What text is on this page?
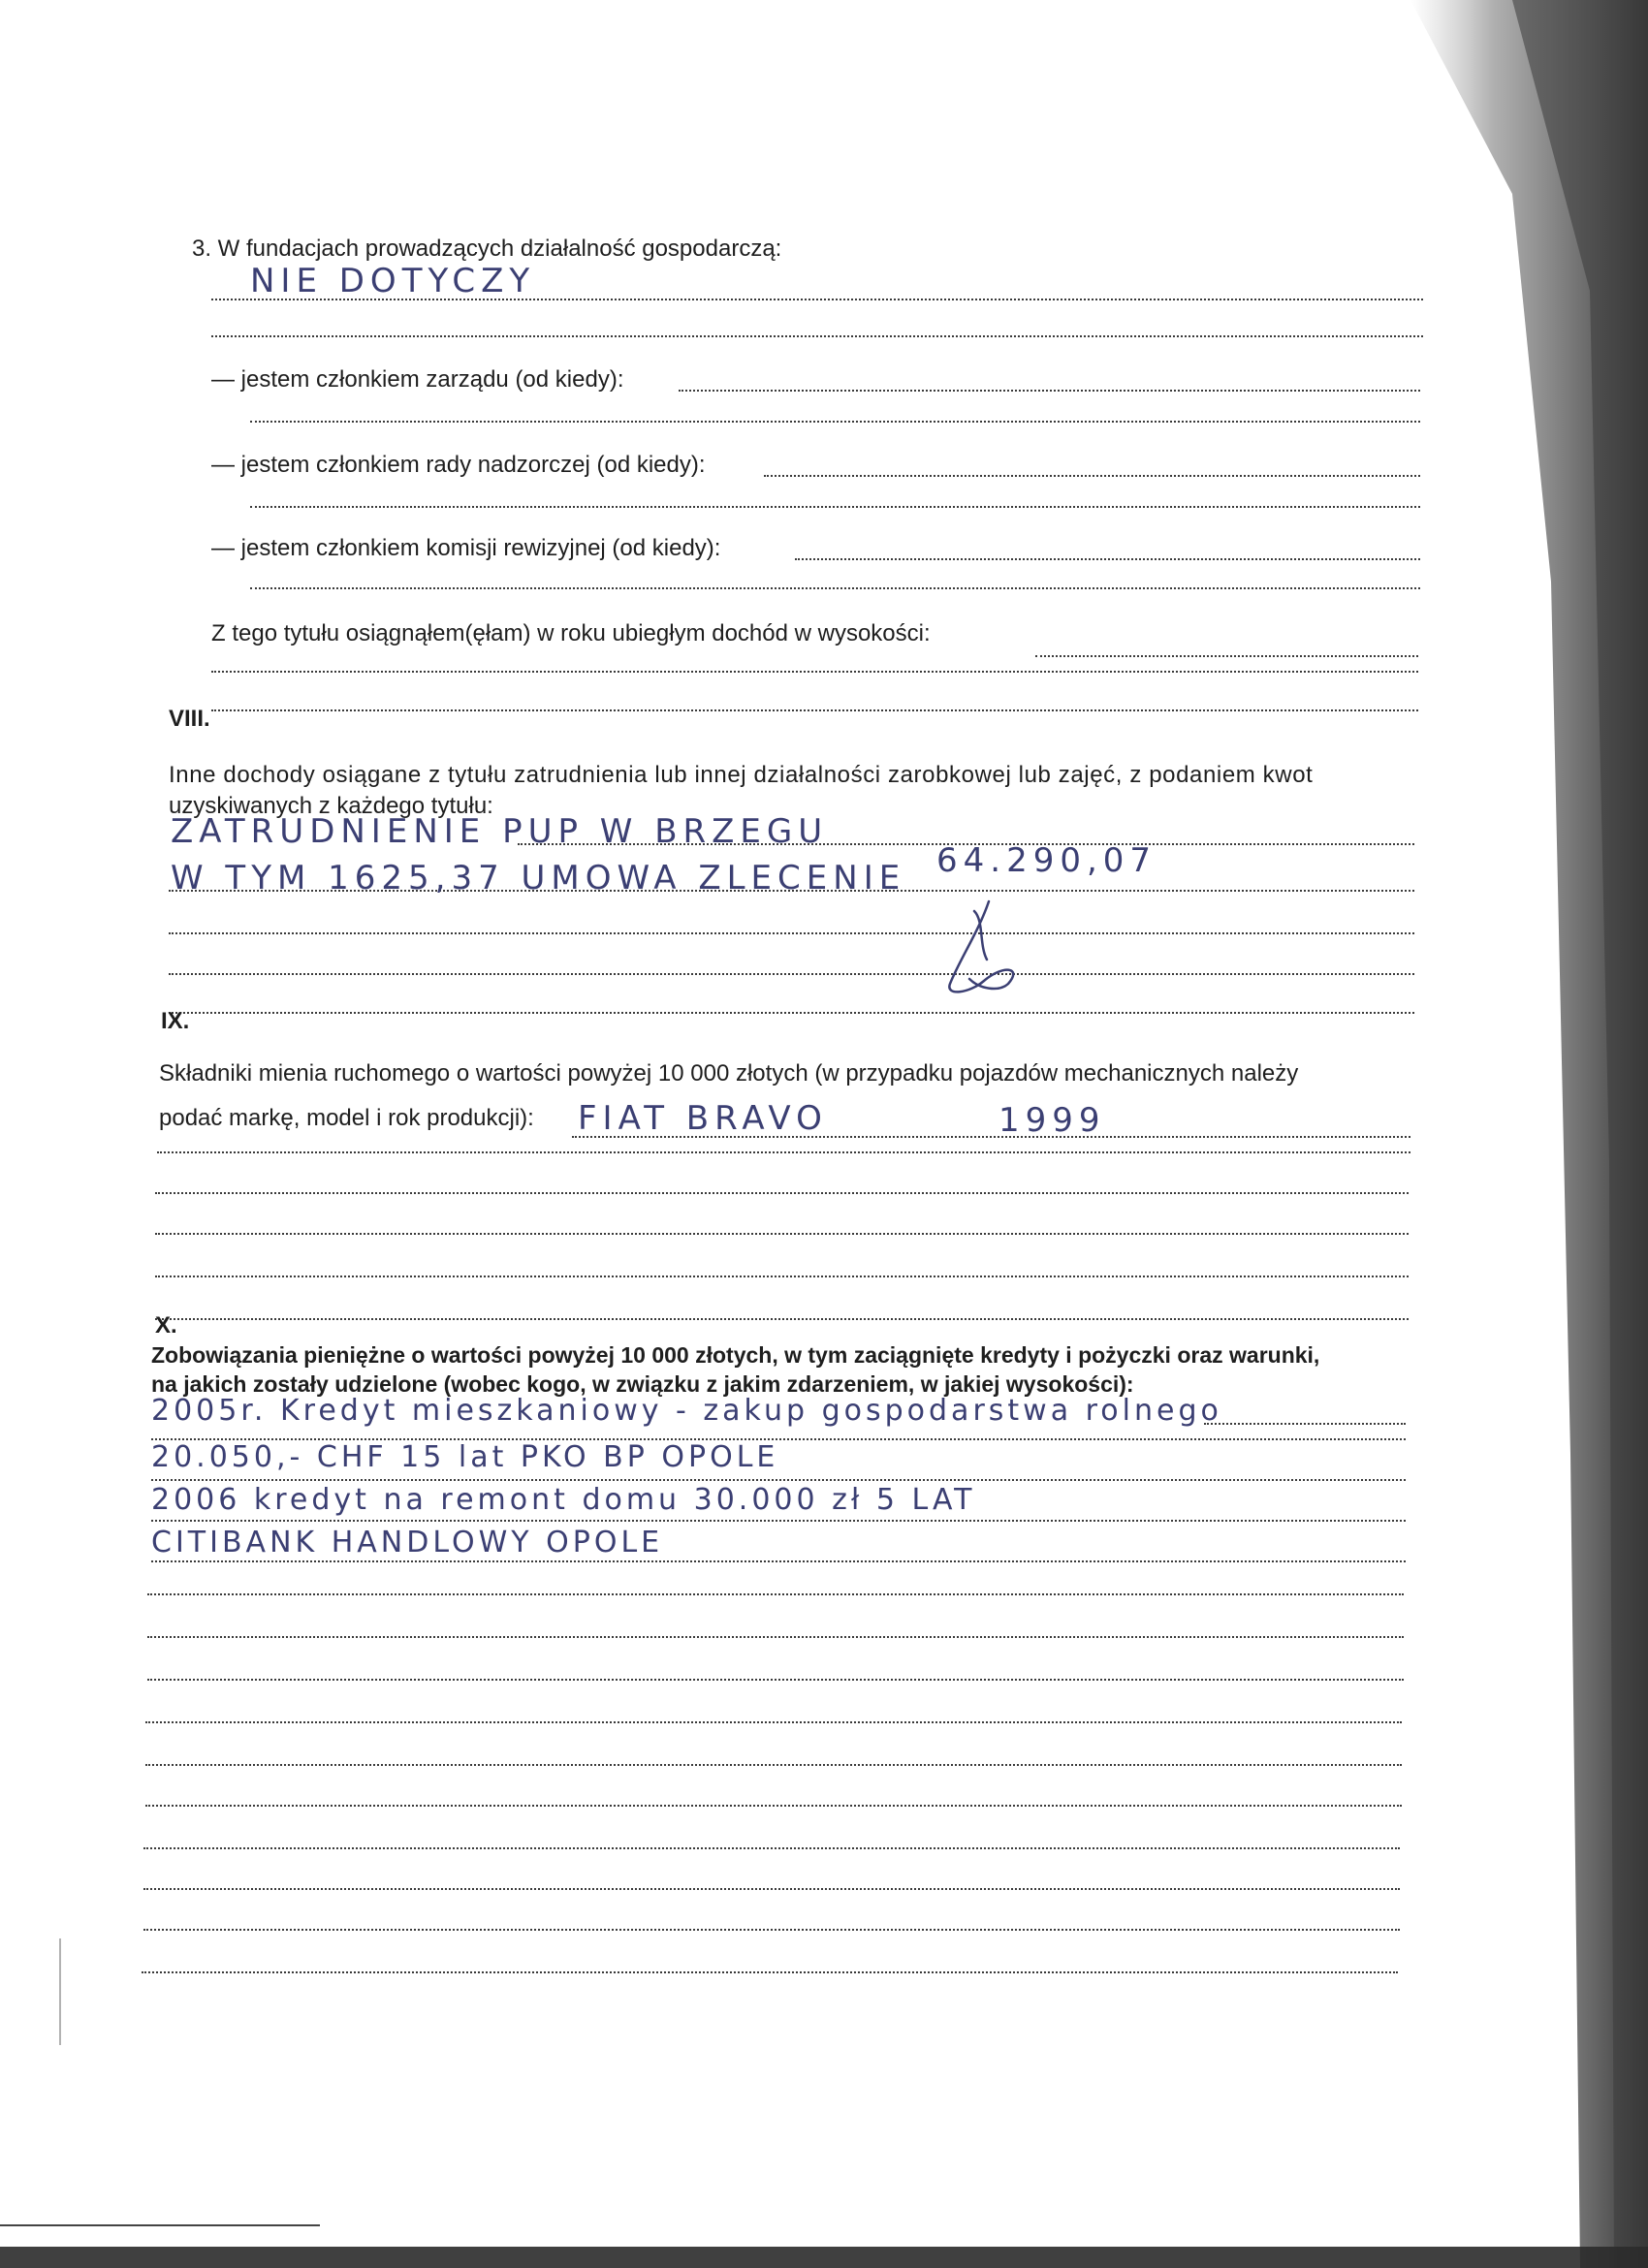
3. W fundacjach prowadzących działalność gospodarczą:
NIE DOTYCZY
— jestem członkiem zarządu (od kiedy):
— jestem członkiem rady nadzorczej (od kiedy):
— jestem członkiem komisji rewizyjnej (od kiedy):
Z tego tytułu osiągnąłem(ęłam) w roku ubiegłym dochód w wysokości:
VIII.
Inne dochody osiągane z tytułu zatrudnienia lub innej działalności zarobkowej lub zajęć, z podaniem kwot
uzyskiwanych z każdego tytułu:
ZATRUDNIENIE PUP W BRZEGU
64.290,07
W TYM 1625,37 UMOWA ZLECENIE
IX.
Składniki mienia ruchomego o wartości powyżej 10 000 złotych (w przypadku pojazdów mechanicznych należy
podać markę, model i rok produkcji): FIAT BRAVO	1999
X.
Zobowiązania pieniężne o wartości powyżej 10 000 złotych, w tym zaciągnięte kredyty i pożyczki oraz warunki,
na jakich zostały udzielone (wobec kogo, w związku z jakim zdarzeniem, w jakiej wysokości):
2005r. Kredyt mieszkaniowy - zakup gospodarstwa rolnego
20.050,- CHF 15 lat PKO BP OPOLE
2006 kredyt na remont domu 30.000 zł 5 LAT
CITIBANK HANDLOWY OPOLE
